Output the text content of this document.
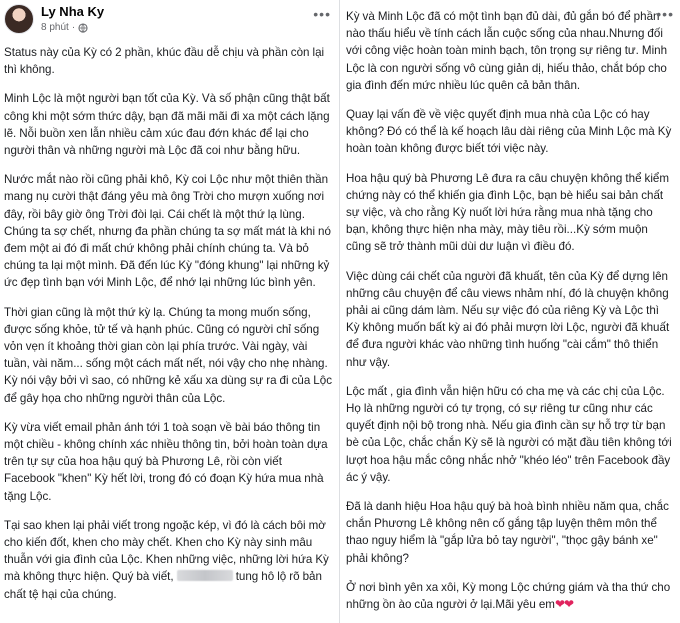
Ly Nha Ky
8 phút ·
•••

Status này của Kỳ có 2 phần, khúc đầu dễ chịu và phần còn lại thì không.

Minh Lộc là một người bạn tốt của Kỳ. Và số phận cũng thật bất công khi một sớm thức dậy, bạn đã mãi mãi đi xa một cách lặng lẽ. Nỗi buồn xen lẫn nhiều cảm xúc đau đớn khác để lại cho người thân và những người mà Lộc đã coi như bằng hữu.

Nước mắt nào rồi cũng phải khô, Kỳ coi Lộc như một thiên thần mang nụ cười thật đáng yêu mà ông Trời cho mượn xuống nơi đây, rồi bây giờ ông Trời đòi lại. Cái chết là một thứ lạ lùng. Chúng ta sợ chết, nhưng đa phần chúng ta sợ mất mát là khi nó đem một ai đó đi mất chứ không phải chính chúng ta. Và bỏ chúng ta lại một mình. Đã đến lúc Kỳ "đóng khung" lại những kỷ ức đẹp tình bạn với Minh Lộc, để nhớ lại những lúc bình yên.

Thời gian cũng là một thứ kỳ lạ. Chúng ta mong muốn sống, được sống khỏe, tử tế và hạnh phúc. Cũng có người chỉ sống vỏn vẹn ít khoảng thời gian còn lại phía trước. Vài ngày, vài tuần, vài năm... sống một cách mất nết, nói vậy cho nhẹ nhàng. Kỳ nói vậy bởi vì sao, có những kẻ xấu xa dùng sự ra đi của Lộc để gây họa cho những người thân của Lộc.

Kỳ vừa viết email phản ánh tới 1 toà soạn về bài báo thông tin một chiều - không chính xác nhiều thông tin, bởi hoàn toàn dựa trên tự sự của hoa hậu quý bà Phương Lê, rồi còn viết Facebook "khen" Kỳ hết lời, trong đó có đoạn Kỳ hứa mua nhà tặng Lộc.

Tại sao khen lại phải viết trong ngoặc kép, vì đó là cách bôi mờ cho kiến đốt, khen cho mày chết. Khen cho Kỳ này sinh mâu thuẫn với gia đình của Lộc. Khen những việc, những lời hứa Kỳ mà không thực hiện. Quý bà viết,	tung hô lộ rõ bản chất tệ hại của chúng.

•••

Kỳ và Minh Lộc đã có một tình bạn đủ dài, đủ gắn bó để phần nào thấu hiểu về tính cách lẫn cuộc sống của nhau.Nhưng đối với công việc hoàn toàn minh bạch, tôn trọng sự riêng tư. Minh Lộc là con người sống vô cùng giản dị, hiếu thảo, chắt bóp cho gia đình đến mức nhiều lúc quên cả bản thân.

Quay lại vấn đề về việc quyết định mua nhà của Lộc có hay không? Đó có thể là kế hoạch lâu dài riêng của Minh Lộc mà Kỳ hoàn toàn không được biết tới việc này.

Hoa hậu quý bà Phương Lê đưa ra câu chuyện không thể kiểm chứng này có thể khiến gia đình Lộc, bạn bè hiểu sai bản chất sự việc, và cho rằng Kỳ nuốt lời hứa rằng mua nhà tặng cho bạn, không thực hiện nha mày, mày tiêu rồi...Kỳ sớm muộn cũng sẽ trở thành mũi dùi dư luận vì điều đó.

Việc dùng cái chết của người đã khuất, tên của Kỳ để dựng lên những câu chuyện để câu views nhảm nhí, đó là chuyện không phải ai cũng dám làm. Nếu sự việc đó của riêng Kỳ và Lộc thì Kỳ không muốn bất kỳ ai đó phải mượn lời Lộc, người đã khuất để đưa người khác vào những tình huống "cài cắm" thô thiển như vậy.

Lộc mất , gia đình vẫn hiện hữu có cha mẹ và các chị của Lộc. Họ là những người có tự trọng, có sự riêng tư cũng như các quyết định nội bộ trong nhà. Nếu gia đình cần sự hỗ trợ từ bạn bè của Lộc, chắc chắn Kỳ sẽ là người có mặt đầu tiên không tới lượt hoa hậu mắc công nhắc nhở "khéo léo" trên Facebook đầy ác ý vậy.

Đã là danh hiệu Hoa hậu quý bà hoà bình nhiều năm qua, chắc chắn Phương Lê không nên cố gắng tập luyện thêm môn thể thao nguy hiểm là "gắp lửa bỏ tay người", "thọc gậy bánh xe" phải không?

Ở nơi bình yên xa xôi, Kỳ mong Lộc chứng giám và tha thứ cho những ồn ào của người ở lại.Mãi yêu em❤❤
